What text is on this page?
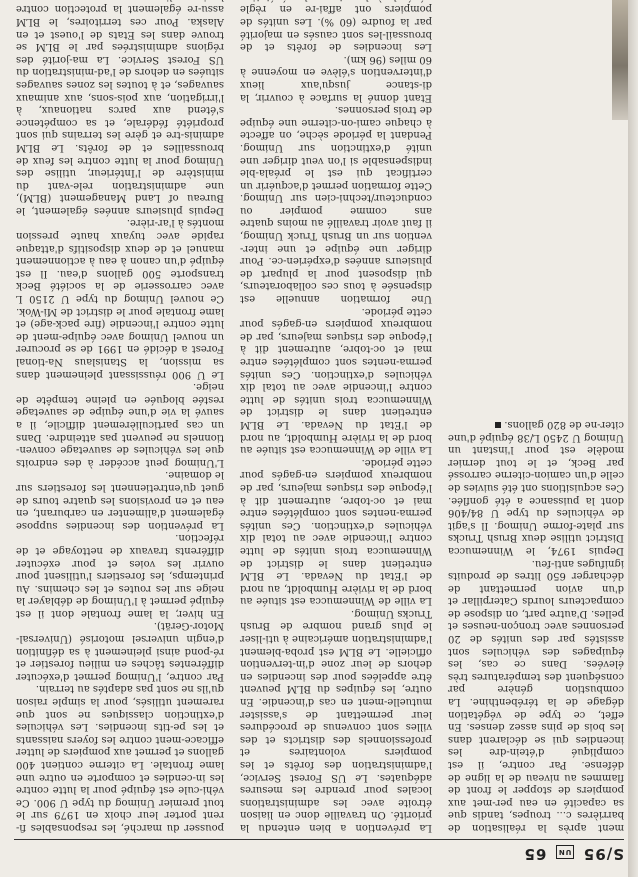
S/95 UN 65

ment après la réalisation de barrières c... troupes, tandis que sa capacité en eau per-met aux pompiers de stopper le front de flammes au niveau de la ligne de défense. Par contre, il est compliqué d'étein-dre les incendies qui se déclarent dans les bois de pins assez denses. En effet, ce type de végétation dégage de la térébenthine. La combustion génère par conséquent des températures très élevées. Dans ce cas, les équipages des véhicules sont assistés par des unités de 20 personnes avec tronçon-neuses et pelles. D'autre part, on dispose de compacteurs lourds Caterpillar et d'un avion permettant de décharger 650 litres de produits ignifuges anti-feu.

Depuis 1974, le Winnemucca District utilise deux Brush Trucks sur plate-forme Unimog. Il s'agit de véhicules du type U 84/406 dont la puissance a été gonflée. Ces acquisitions ont été suivies de celle d'un camion-citerne carrossé par Beck, et le tout dernier modèle est pour l'instant un Unimog U 2450 L/38 équipé d'une citer-ne de 820 gallons.

La prévention a bien entendu la priorité. On travaille donc en liaison étroite avec les administrations locales pour prendre les mesures adéquates. Le US Forest Service, l'administration des forêts et les pompiers volontaires et professionnels des districts et des villes sont convenus de procédures leur permettant de s'assister mutuelle-ment en cas d'incendie. En outre, les équipes du BLM peuvent être appelées pour des incendies en dehors de leur zone d'in-tervention officielle. Le BLM est proba-blement l'administration américaine à uti-liser le plus grand nombre de Brush Trucks Unimog.

La ville de Winnemucca est située au bord de la rivière Humboldt, au nord de l'Etat du Nevada. Le BLM entretient dans le district de Winnemucca trois unités de lutte contre l'incendie avec au total dix véhicules d'extinction. Ces unités perma-nentes sont complétées entre mai et oc-tobre, autrement dit à l'époque des risques majeurs, par de nombreux pompiers en-gagés pour cette période.

La ville de Winnemucca est située au bord de la rivière Humboldt, au nord de l'Etat du Nevada. Le BLM entretient dans le district de Winnemucca trois unités de lutte contre l'incendie avec au total dix véhicules d'extinction. Ces unités perma-nentes sont complétées entre mai et oc-tobre, autrement dit à l'époque des risques majeurs, par de nombreux pompiers en-gagés pour cette période.

Une formation annuelle est dispensée à tous ces collaborateurs, qui disposent pour la plupart de plusieurs années d'expérien-ce. Pour diriger une équipe et une inter-vention sur un Brush Truck Unimog, il faut avoir travaillé au moins quatre ans comme pompier ou conducteur/techni-cien sur Unimog. Cette formation permet d'acquérir un certificat qui est le préala-ble indispensable si l'on veut diriger une unité d'extinction sur Unimog. Pendant la période sèche, on affecte à chaque cami-on-citerne une équipe de trois personnes.

Etant donné la surface à couvrir, la di-stance jusqu'aux lieux d'intervention s'élève en moyenne à 60 miles (96 km).

Les incendies de forêts et de broussail-les sont causés en majorité par la foudre (60 %). Les unités de pompiers ont affai-re en règle

pousser du marché, les responsables fi-rent porter leur choix en 1979 sur le tout premier Unimog du type U 900. Ce véhi-cule est équipé pour la lutte contre les in-cendies et comporte en outre une lame frontale. La citerne contient 400 gallons et permet aux pompiers de lutter efficace-ment contre les foyers naissants et les pe-tits incendies. Les véhicules d'extinction classiques ne sont que rarement utilisés, pour la simple raison qu'ils ne sont pas adaptés au terrain.

Par contre, l'Unimog permet d'exécuter différentes tâches en milieu forestier et ré-pond ainsi pleinement à sa définition d'engin universel motorisé (Universal-Motor-Gerät).

En hiver, la lame frontale dont il est équipé permet à l'Unimog de déblayer la neige sur les routes et les chemins. Au printemps, les forestiers l'utilisent pour ouvrir les voies et pour exécuter différents travaux de nettoyage et de réfection.

La prévention des incendies suppose également d'alimenter en carburant, en eau et en provisions les quatre tours de guet qu'entretiennent les forestiers sur le domaine.

L'Unimog peut accéder à des endroits que les véhicules de sauvetage conven-tionnels ne peuvent pas atteindre. Dans un cas particulièrement difficile, il a sauvé la vie d'une équipe de sauvetage restée bloquée en pleine tempête de neige.

Le U 900 réussissant pleinement dans sa mission, la Stanislaus Na-tional Forest a décidé en 1991 de se procurer un nouvel Unimog avec équipe-ment de lutte contre l'incendie (fire pack-age) et lame frontale pour le district de Mi-Wok. Ce nouvel Unimog du type U 2150 L avec carrosserie de la société Beck transporte 500 gallons d'eau. Il est équipé d'un canon à eau à actionnement manuel et de deux dispositifs d'attaque rapide avec tuyaux haute pression montés à l'ar-rière.

Depuis plusieurs années également, le Bureau of Land Management (BLM), une administration rele-vant du ministère de l'Intérieur, utilise des Unimog pour la lutte contre les feux de broussailles et de forêts. Le BLM adminis-tre et gère les terrains qui sont propriété fédérale, et sa compétence s'étend aux parcs nationaux, à l'irrigation, aux pois-sons, aux animaux sauvages, et à toutes les zones sauvages situées en dehors de l'ad-ministration du US Forest Service. La ma-jorité des régions administrées par le BLM se trouve dans les Etats de l'ouest et en Alaska. Pour ces territoires, le BLM assu-re également la protection contre
